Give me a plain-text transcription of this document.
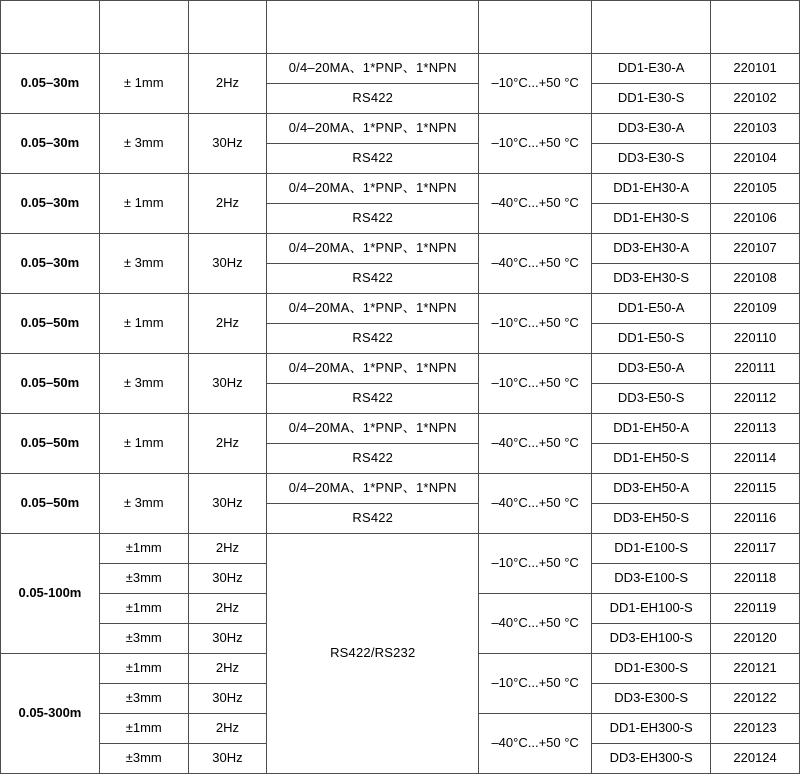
工作距离	精度	频率	接口	工作温度	型号	订货号
0.05–30m	± 1mm	2Hz	0/4–20MA、1*PNP、1*NPN	–10°C...+50 °C	DD1-E30-A	220101
			RS422		DD1-E30-S	220102
0.05–30m	± 3mm	30Hz	0/4–20MA、1*PNP、1*NPN	–10°C...+50 °C	DD3-E30-A	220103
			RS422		DD3-E30-S	220104
0.05–30m	± 1mm	2Hz	0/4–20MA、1*PNP、1*NPN	–40°C...+50 °C	DD1-EH30-A	220105
			RS422		DD1-EH30-S	220106
0.05–30m	± 3mm	30Hz	0/4–20MA、1*PNP、1*NPN	–40°C...+50 °C	DD3-EH30-A	220107
			RS422		DD3-EH30-S	220108
0.05–50m	± 1mm	2Hz	0/4–20MA、1*PNP、1*NPN	–10°C...+50 °C	DD1-E50-A	220109
			RS422		DD1-E50-S	220110
0.05–50m	± 3mm	30Hz	0/4–20MA、1*PNP、1*NPN	–10°C...+50 °C	DD3-E50-A	220111
			RS422		DD3-E50-S	220112
0.05–50m	± 1mm	2Hz	0/4–20MA、1*PNP、1*NPN	–40°C...+50 °C	DD1-EH50-A	220113
			RS422		DD1-EH50-S	220114
0.05–50m	± 3mm	30Hz	0/4–20MA、1*PNP、1*NPN	–40°C...+50 °C	DD3-EH50-A	220115
			RS422		DD3-EH50-S	220116
0.05-100m	±1mm	2Hz	RS422/RS232	–10°C...+50 °C	DD1-E100-S	220117
	±3mm	30Hz			DD3-E100-S	220118
	±1mm	2Hz		–40°C...+50 °C	DD1-EH100-S	220119
	±3mm	30Hz			DD3-EH100-S	220120
0.05-300m	±1mm	2Hz		–10°C...+50 °C	DD1-E300-S	220121
	±3mm	30Hz			DD3-E300-S	220122
	±1mm	2Hz		–40°C...+50 °C	DD1-EH300-S	220123
	±3mm	30Hz			DD3-EH300-S	220124
